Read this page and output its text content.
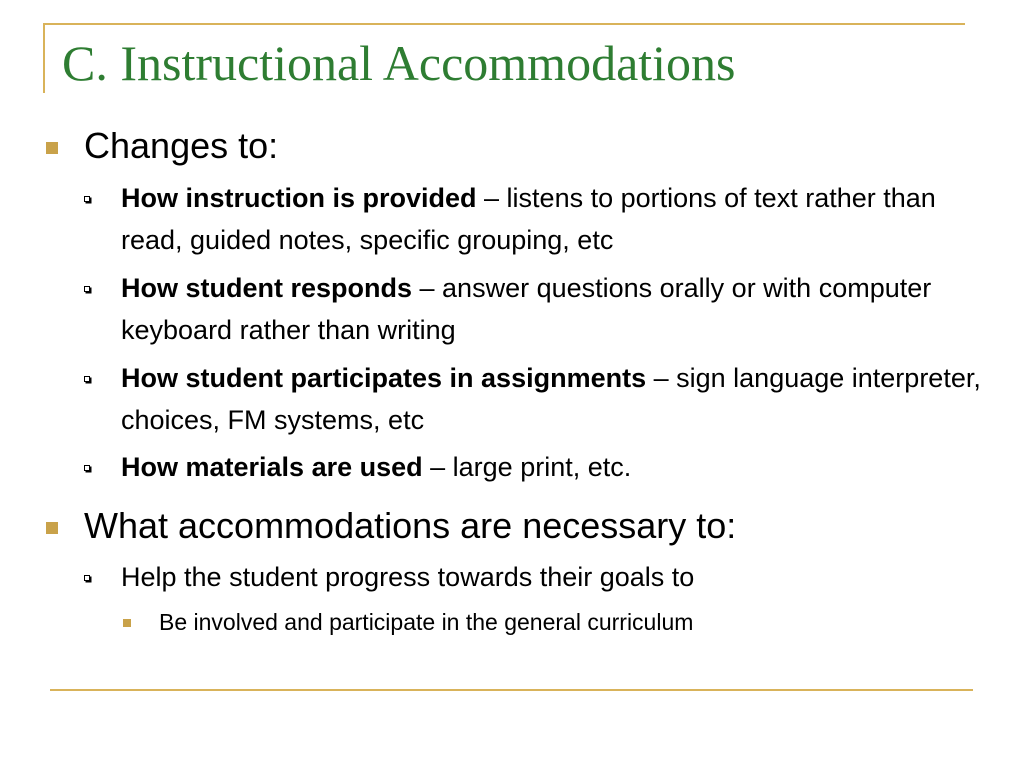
C. Instructional Accommodations

Changes to:

How instruction is provided – listens to portions of text rather than read, guided notes, specific grouping, etc

How student responds – answer questions orally or with computer keyboard rather than writing

How student participates in assignments – sign language interpreter, choices, FM systems, etc

How materials are used – large print, etc.

What accommodations are necessary to:

Help the student progress towards their goals to

Be involved and participate in the general curriculum
